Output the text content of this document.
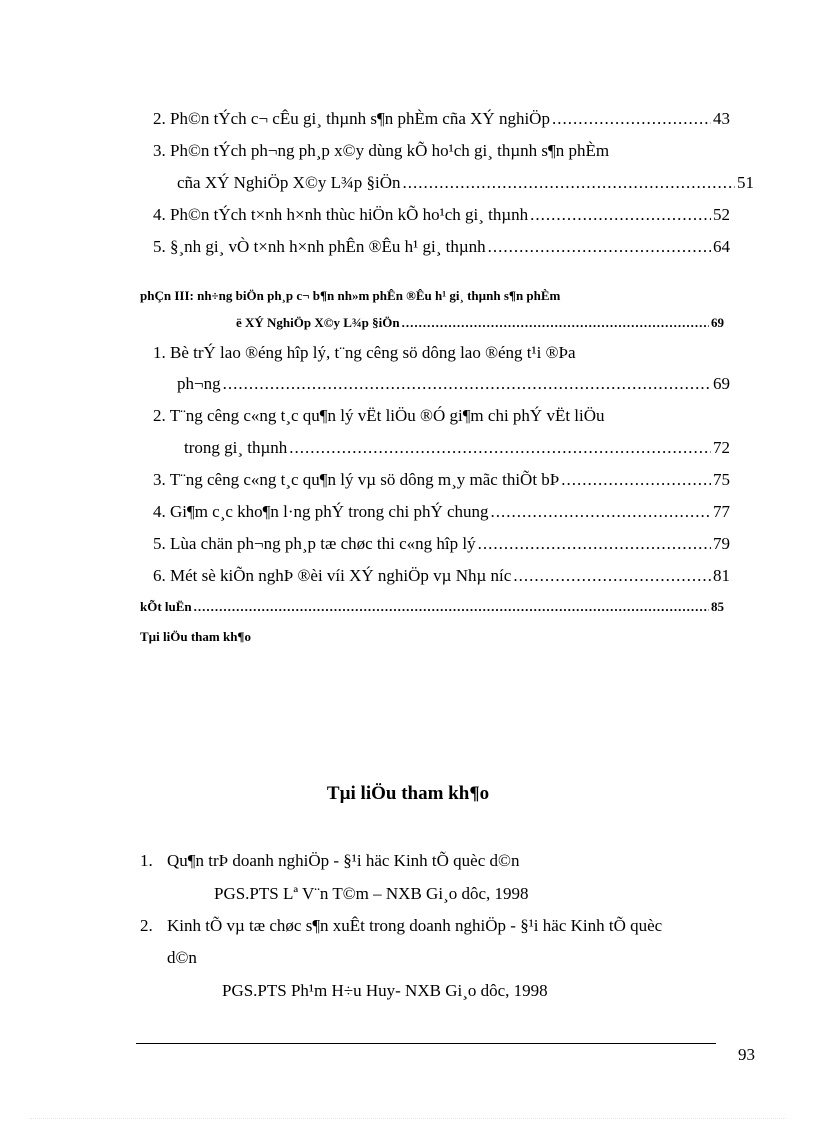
2. Ph©n tÝch c¬ cÊu gi¸ thµnh s¶n phÈm cña XÝ nghiÖp .....	43
3. Ph©n tÝch ph¬ng ph¸p x©y dùng kÕ ho¹ch gi¸ thµnh s¶n phÈm
cña XÝ NghiÖp X©y L¾p §iÖn .....	51
4. Ph©n tÝch t×nh h×nh thùc hiÖn kÕ ho¹ch gi¸ thµnh .....	52
5. §¸nh gi¸ vÒ t×nh h×nh phÊn ®Êu h¹ gi¸ thµnh .....	64
phÇn III: nh÷ng biÖn ph¸p c¬ b¶n nh»m phÊn ®Êu h¹ gi¸ thµnh s¶n phÈm
ë XÝ NghiÖp X©y L¾p §iÖn .....	69
1. Bè trÝ lao ®éng hîp lý, t¨ng cêng sö dông lao ®éng t¹i ®Þa
ph¬ng .....	69
2. T¨ng cêng c«ng t¸c qu¶n lý vËt liÖu ®Ó gi¶m chi phÝ vËt liÖu
trong gi¸ thµnh .....	72
3. T¨ng cêng c«ng t¸c qu¶n lý vµ sö dông m¸y mãc thiÕt bÞ .....	75
4. Gi¶m c¸c kho¶n l·ng phÝ trong chi phÝ chung .....	77
5. Lùa chän ph¬ng ph¸p tæ chøc thi c«ng hîp lý .....	79
6. Mét sè kiÕn nghÞ ®èi víi XÝ nghiÖp vµ Nhµ níc .....	81
kÕt luËn .....	85
Tµi liÖu tham kh¶o
Tµi liÖu tham kh¶o
1. Qu¶n trÞ doanh nghiÖp - §¹i häc Kinh tÕ quèc d©n
PGS.PTS Lª V¨n T©m – NXB Gi¸o dôc, 1998
2. Kinh tÕ vµ tæ chøc s¶n xuÊt trong doanh nghiÖp - §¹i häc Kinh tÕ quèc
d©n
PGS.PTS Ph¹m H÷u Huy- NXB Gi¸o dôc, 1998
93
